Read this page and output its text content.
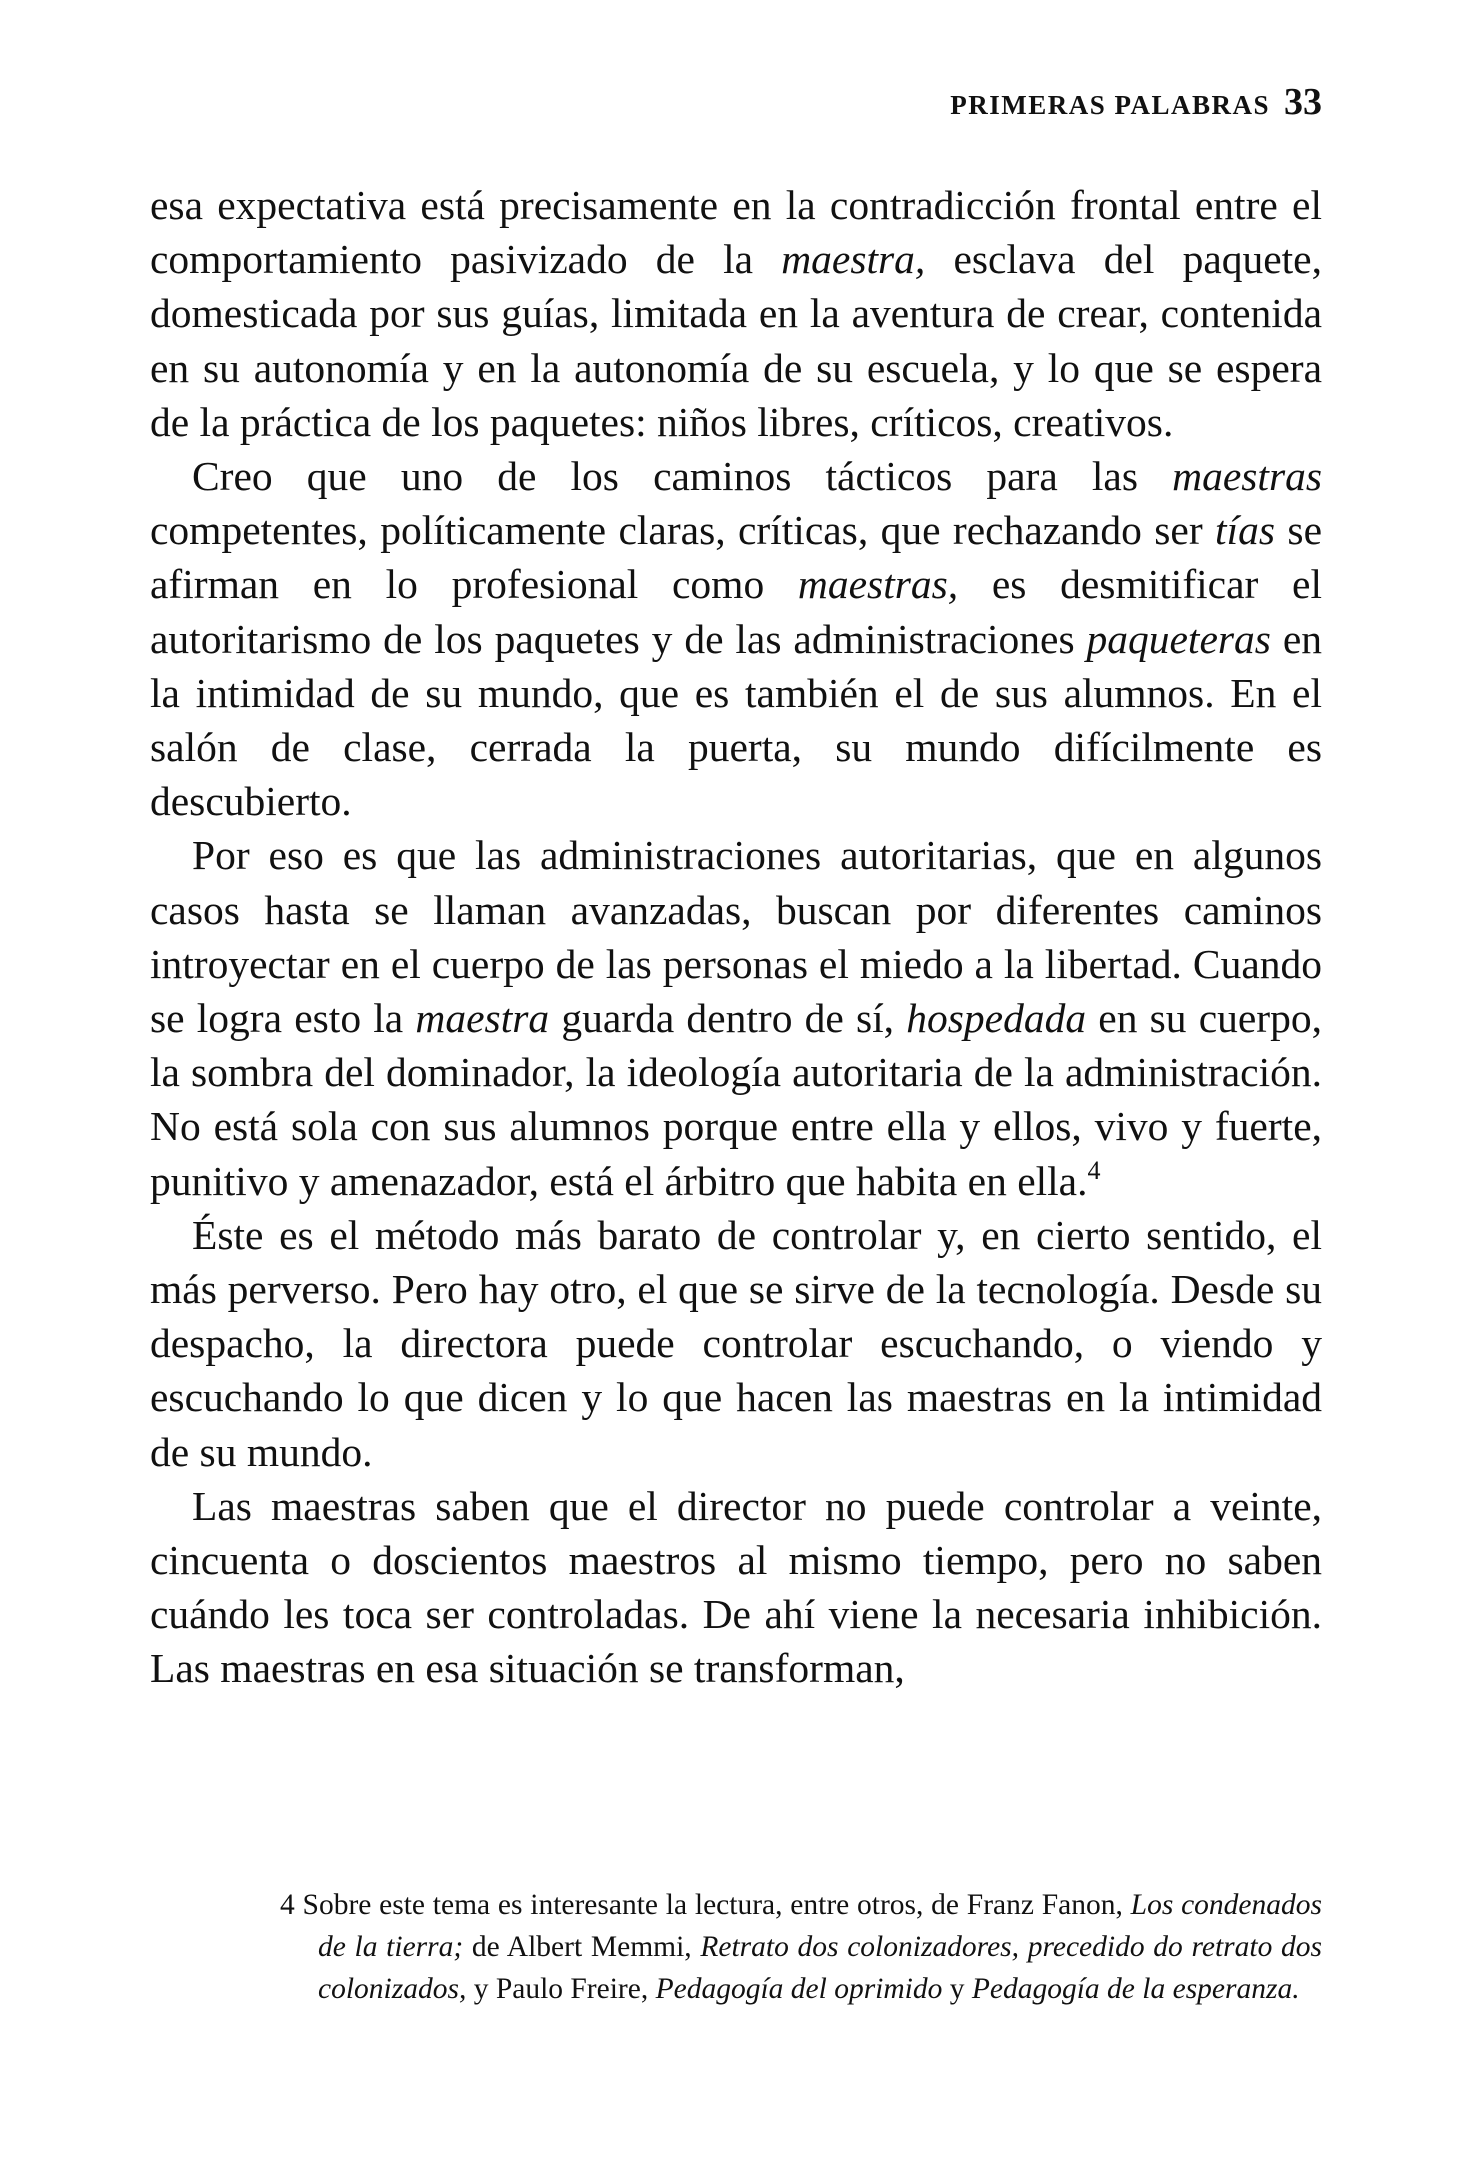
PRIMERAS PALABRAS 33

esa expectativa está precisamente en la contradicción frontal entre el comportamiento pasivizado de la maestra, esclava del paquete, domesticada por sus guías, limitada en la aventura de crear, contenida en su autonomía y en la autonomía de su escuela, y lo que se espera de la práctica de los paquetes: niños libres, críticos, creativos.

Creo que uno de los caminos tácticos para las maestras competentes, políticamente claras, críticas, que rechazando ser tías se afirman en lo profesional como maestras, es desmitificar el autoritarismo de los paquetes y de las administraciones paqueteras en la intimidad de su mundo, que es también el de sus alumnos. En el salón de clase, cerrada la puerta, su mundo difícilmente es descubierto.

Por eso es que las administraciones autoritarias, que en algunos casos hasta se llaman avanzadas, buscan por diferentes caminos introyectar en el cuerpo de las personas el miedo a la libertad. Cuando se logra esto la maestra guarda dentro de sí, hospedada en su cuerpo, la sombra del dominador, la ideología autoritaria de la administración. No está sola con sus alumnos porque entre ella y ellos, vivo y fuerte, punitivo y amenazador, está el árbitro que habita en ella.$^4$

Éste es el método más barato de controlar y, en cierto sentido, el más perverso. Pero hay otro, el que se sirve de la tecnología. Desde su despacho, la directora puede controlar escuchando, o viendo y escuchando lo que dicen y lo que hacen las maestras en la intimidad de su mundo.

Las maestras saben que el director no puede controlar a veinte, cincuenta o doscientos maestros al mismo tiempo, pero no saben cuándo les toca ser controladas. De ahí viene la necesaria inhibición. Las maestras en esa situación se transforman,

4 Sobre este tema es interesante la lectura, entre otros, de Franz Fanon, Los condenados de la tierra; de Albert Memmi, Retrato dos colonizadores, precedido do retrato dos colonizados, y Paulo Freire, Pedagogía del oprimido y Pedagogía de la esperanza.
